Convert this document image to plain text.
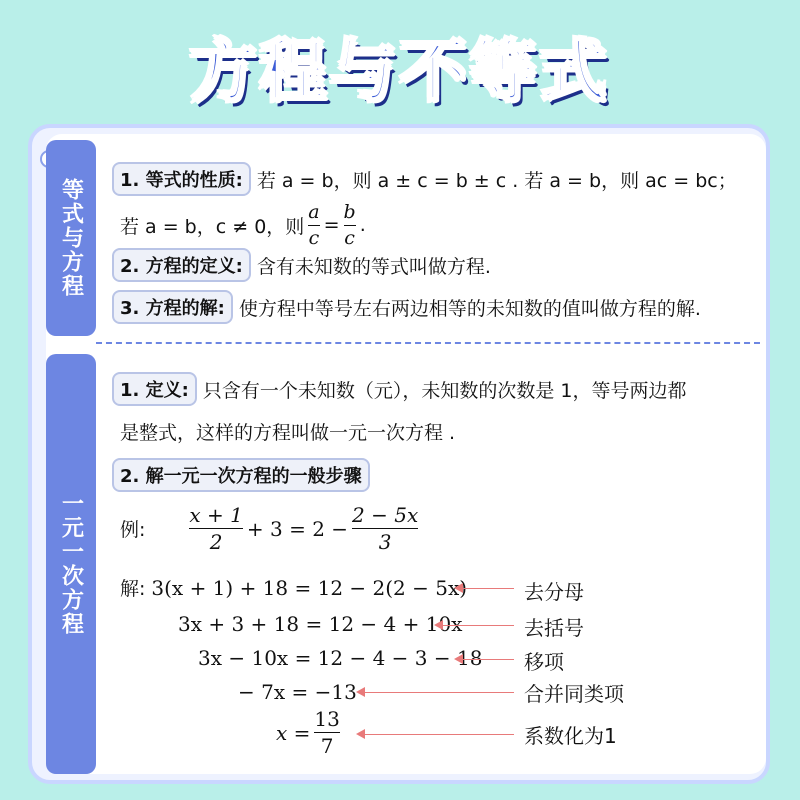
方程与不等式
等式与方程
一元一次方程
1. 等式的性质: 若 a = b，则 a ± c = b ± c . 若 a = b，则 ac = bc；
若 a = b，c ≠ 0，则 $\frac{a}{c} = \frac{b}{c}$ .
2. 方程的定义: 含有未知数的等式叫做方程.
3. 方程的解: 使方程中等号左右两边相等的未知数的值叫做方程的解.
1. 定义: 只含有一个未知数（元），未知数的次数是 1，等号两边都
是整式，这样的方程叫做一元一次方程 .
2. 解一元一次方程的一般步骤
例: $\frac{x + 1}{2} + 3 = 2 - \frac{2 - 5x}{3}$
解: 3(x + 1) + 18 = 12 − 2(2 − 5x)	去分母
3x + 3 + 18 = 12 − 4 + 10x	去括号
3x − 10x = 12 − 4 − 3 − 18 移项
− 7x = −13	合并同类项
$x = \frac{13}{7}$	系数化为1
